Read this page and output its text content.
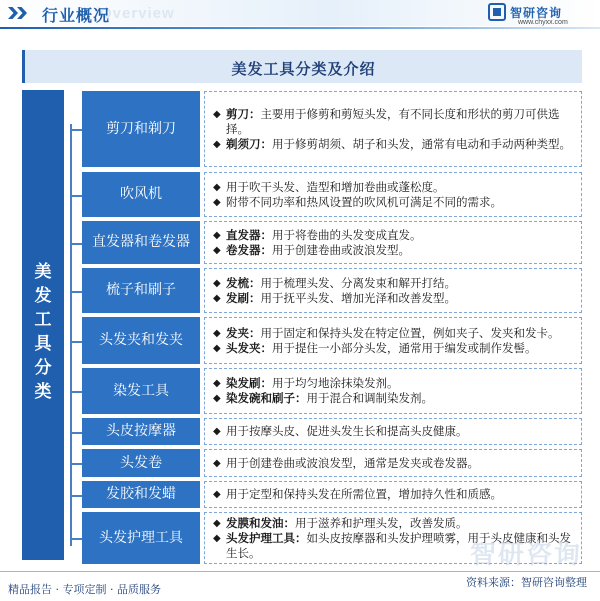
Overview
行业概况	智研咨询
www.chyxx.com
美发工具分类及介绍
美
发
工
具
分
类
剪刀和剃刀
◆ 剪刀：主要用于修剪和剪短头发，有不同长度和形状的剪刀可供选择。
◆ 剃须刀：用于修剪胡须、胡子和头发，通常有电动和手动两种类型。
吹风机	◆ 用于吹干头发、造型和增加卷曲或蓬松度。
◆ 附带不同功率和热风设置的吹风机可满足不同的需求。
直发器和卷发器	◆ 直发器：用于将卷曲的头发变成直发。
◆ 卷发器：用于创建卷曲或波浪发型。
梳子和刷子	◆ 发梳：用于梳理头发、分离发束和解开打结。
◆ 发刷：用于抚平头发、增加光泽和改善发型。
头发夹和发夹	◆ 发夹：用于固定和保持头发在特定位置，例如夹子、发夹和发卡。
◆ 头发夹：用于提住一小部分头发，通常用于编发或制作发髻。
染发工具	◆ 染发刷：用于均匀地涂抹染发剂。
◆ 染发碗和刷子：用于混合和调制染发剂。
头皮按摩器	◆ 用于按摩头皮、促进头发生长和提高头皮健康。
头发卷	◆ 用于创建卷曲或波浪发型，通常是发夹或卷发器。
发胶和发蜡	◆ 用于定型和保持头发在所需位置，增加持久性和质感。
头发护理工具
◆ 发膜和发油：用于滋养和护理头发，改善发质。
◆ 头发护理工具：如头皮按摩器和头发护理喷雾，用于头皮健康和头发生长。	智研咨询
精品报告 · 专项定制 · 品质服务
资料来源：智研咨询整理
